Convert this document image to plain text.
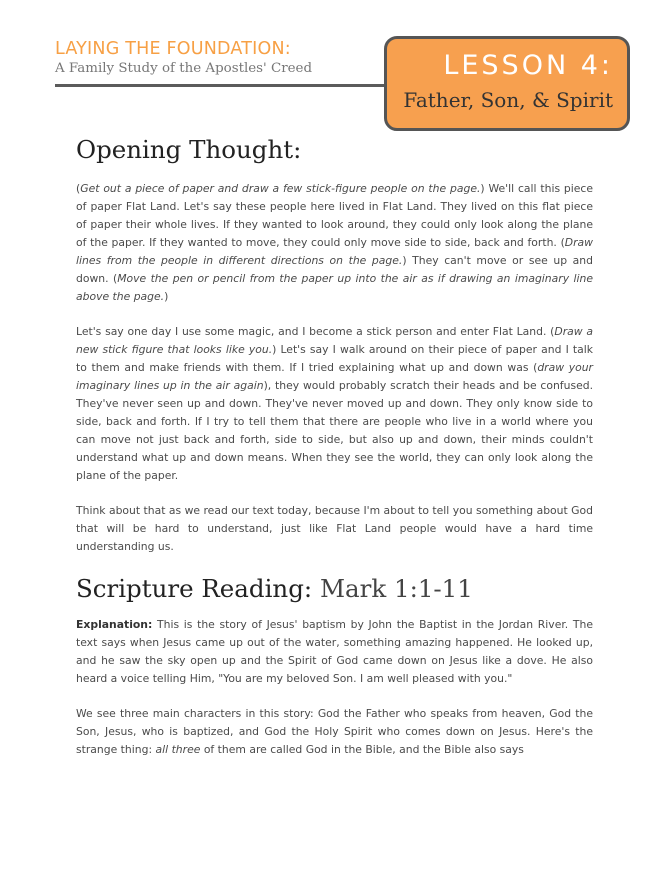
LAYING THE FOUNDATION:
A Family Study of the Apostles' Creed	LESSON 4:
Father, Son, & Spirit
Opening Thought:

(Get out a piece of paper and draw a few stick-figure people on the page.) We'll call this piece of paper Flat Land. Let's say these people here lived in Flat Land. They lived on this flat piece of paper their whole lives. If they wanted to look around, they could only look along the plane of the paper. If they wanted to move, they could only move side to side, back and forth. (Draw lines from the people in different directions on the page.) They can't move or see up and down. (Move the pen or pencil from the paper up into the air as if drawing an imaginary line above the page.)

Let's say one day I use some magic, and I become a stick person and enter Flat Land. (Draw a new stick figure that looks like you.) Let's say I walk around on their piece of paper and I talk to them and make friends with them. If I tried explaining what up and down was (draw your imaginary lines up in the air again), they would probably scratch their heads and be confused. They've never seen up and down. They've never moved up and down. They only know side to side, back and forth. If I try to tell them that there are people who live in a world where you can move not just back and forth, side to side, but also up and down, their minds couldn't understand what up and down means. When they see the world, they can only look along the plane of the paper.

Think about that as we read our text today, because I'm about to tell you something about God that will be hard to understand, just like Flat Land people would have a hard time understanding us.

Scripture Reading: Mark 1:1-11

Explanation: This is the story of Jesus' baptism by John the Baptist in the Jordan River. The text says when Jesus came up out of the water, something amazing happened. He looked up, and he saw the sky open up and the Spirit of God came down on Jesus like a dove. He also heard a voice telling Him, "You are my beloved Son. I am well pleased with you."

We see three main characters in this story: God the Father who speaks from heaven, God the Son, Jesus, who is baptized, and God the Holy Spirit who comes down on Jesus. Here's the strange thing: all three of them are called God in the Bible, and the Bible also says
